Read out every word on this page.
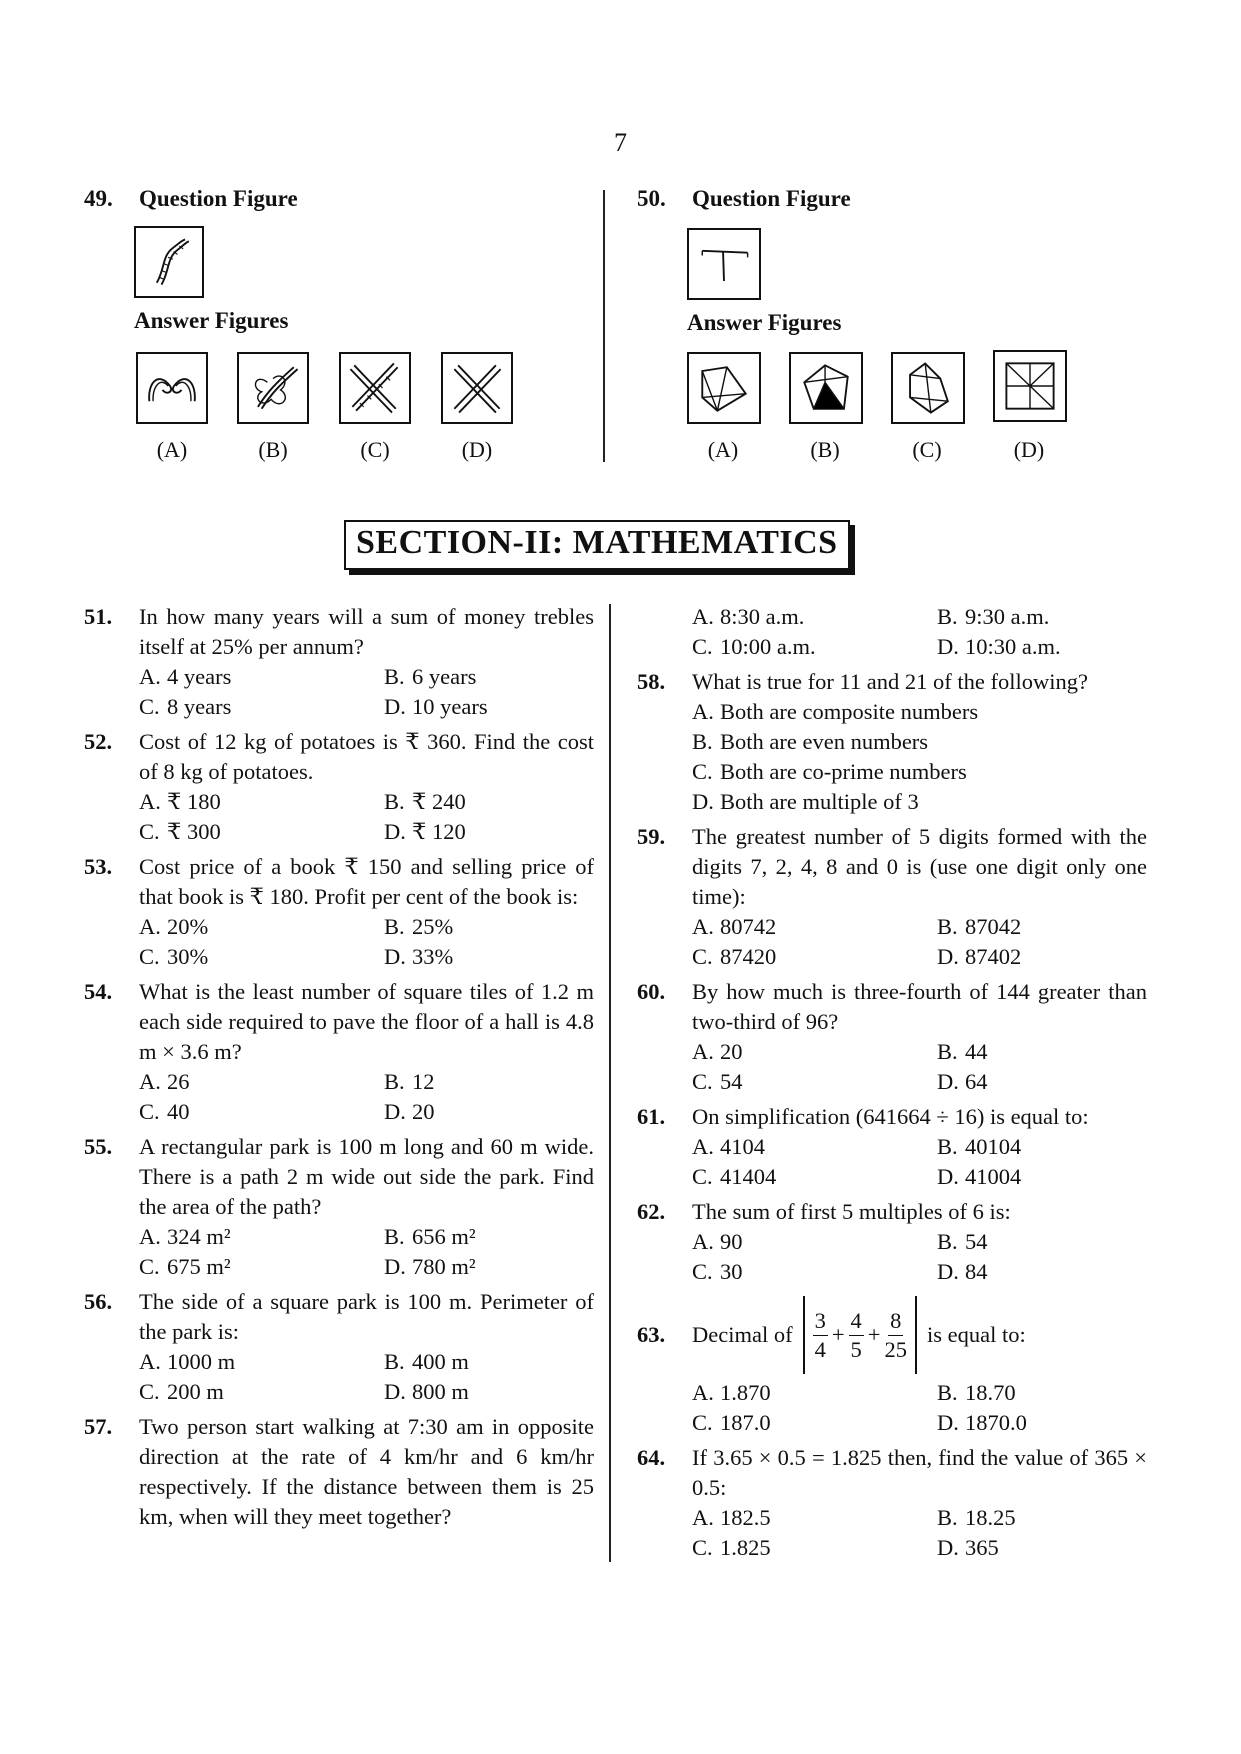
7
49. Question Figure
Answer Figures
(A)	(B)	(C)	(D)
50. Question Figure
Answer Figures
(A)	(B)	(C)	(D)
SECTION-II: MATHEMATICS
51. In how many years will a sum of money trebles itself at 25% per annum?
A. 4 years	B. 6 years
C. 8 years	D. 10 years
52. Cost of 12 kg of potatoes is ₹ 360. Find the cost of 8 kg of potatoes.
A. ₹ 180	B. ₹ 240
C. ₹ 300	D. ₹ 120
53. Cost price of a book ₹ 150 and selling price of that book is ₹ 180. Profit per cent of the book is:
A. 20%	B. 25%
C. 30%	D. 33%
54. What is the least number of square tiles of 1.2 m each side required to pave the floor of a hall is 4.8 m × 3.6 m?
A. 26	B. 12
C. 40	D. 20
55. A rectangular park is 100 m long and 60 m wide. There is a path 2 m wide out side the park. Find the area of the path?
A. 324 m²	B. 656 m²
C. 675 m²	D. 780 m²
56. The side of a square park is 100 m. Perimeter of the park is:
A. 1000 m	B. 400 m
C. 200 m	D. 800 m
57. Two person start walking at 7:30 am in opposite direction at the rate of 4 km/hr and 6 km/hr respectively. If the distance between them is 25 km, when will they meet together?
A. 8:30 a.m.	B. 9:30 a.m.
C. 10:00 a.m.	D. 10:30 a.m.
58. What is true for 11 and 21 of the following?
A. Both are composite numbers
B. Both are even numbers
C. Both are co-prime numbers
D. Both are multiple of 3
59. The greatest number of 5 digits formed with the digits 7, 2, 4, 8 and 0 is (use one digit only one time):
A. 80742	B. 87042
C. 87420	D. 87402
60. By how much is three-fourth of 144 greater than two-third of 96?
A. 20	B. 44
C. 54	D. 64
61. On simplification (641664 ÷ 16) is equal to:
A. 4104	B. 40104
C. 41404	D. 41004
62. The sum of first 5 multiples of 6 is:
A. 90	B. 54
C. 30	D. 84
63.	Decimal of $\frac{3}{4} + \frac{4}{5} + \frac{8}{25}$ is equal to:
A. 1.870	B. 18.70
C. 187.0	D. 1870.0
64. If 3.65 × 0.5 = 1.825 then, find the value of 365 × 0.5:
A. 182.5	B. 18.25
C. 1.825	D. 365
